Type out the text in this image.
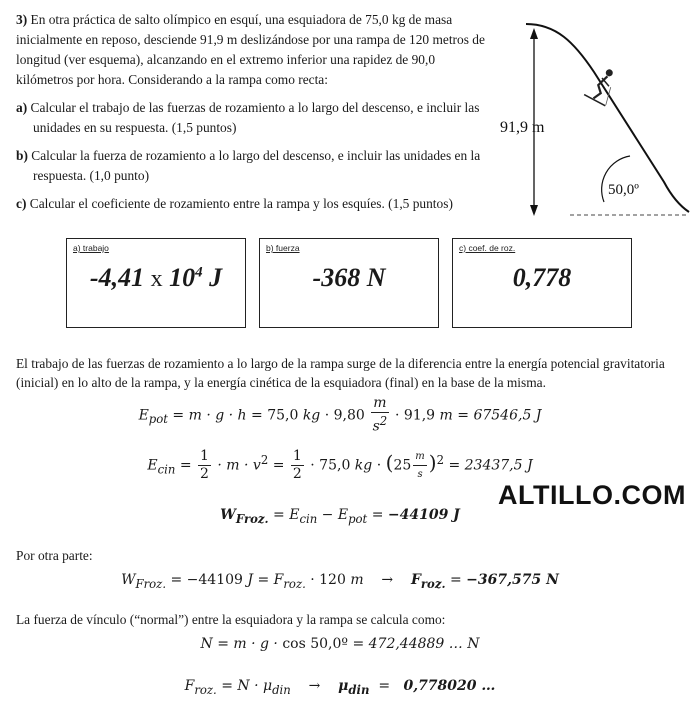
3) En otra práctica de salto olímpico en esquí, una esquiadora de 75,0 kg de masa inicialmente en reposo, desciende 91,9 m deslizándose por una rampa de 120 metros de longitud (ver esquema), alcanzando en el extremo inferior una rapidez de 90,0 kilómetros por hora. Considerando a la rampa como recta:

a) Calcular el trabajo de las fuerzas de rozamiento a lo largo del descenso, e incluir las unidades en su respuesta. (1,5 puntos)

b) Calcular la fuerza de rozamiento a lo largo del descenso, e incluir las unidades en la respuesta. (1,0 punto)

c) Calcular el coeficiente de rozamiento entre la rampa y los esquíes. (1,5 puntos)

91,9 m
50,0º
a) trabajo
-4,41 x $10^4$ J
b) fuerza
-368 N
c) coef. de roz.
0,778
El trabajo de las fuerzas de rozamiento a lo largo de la rampa surge de la diferencia entre la energía potencial gravitatoria (inicial) en lo alto de la rampa, y la energía cinética de la esquiadora (final) en la base de la misma.
$E_{pot} = m \cdot g \cdot h = 75,0$ kg · $9,80 \frac{m}{s^2} \cdot 91,9$ m = 67546,5 J
$E_{cin} = \frac{1}{2} \cdot m \cdot v^2 = \frac{1}{2} \cdot 75,0$ kg · $(25 \frac{m}{s} )^2 = 23437,5$ J
$W_{Froz.} = E_{cin} - E_{pot} = -44109$ J
Por otra parte:
$W_{Froz.} = -44109$ $J = F_{roz.} \cdot 120$ m    →    $F_{roz.} = -367,575$ N
La fuerza de vínculo (“normal”) entre la esquiadora y la rampa se calcula como:
N = m · g · cos 50,0º = 472,44889 … N
$F_{roz.} = N \cdot \mu_{din}$    →    $\mu_{din} = 0,778020$ …
ALTILLO.COM
